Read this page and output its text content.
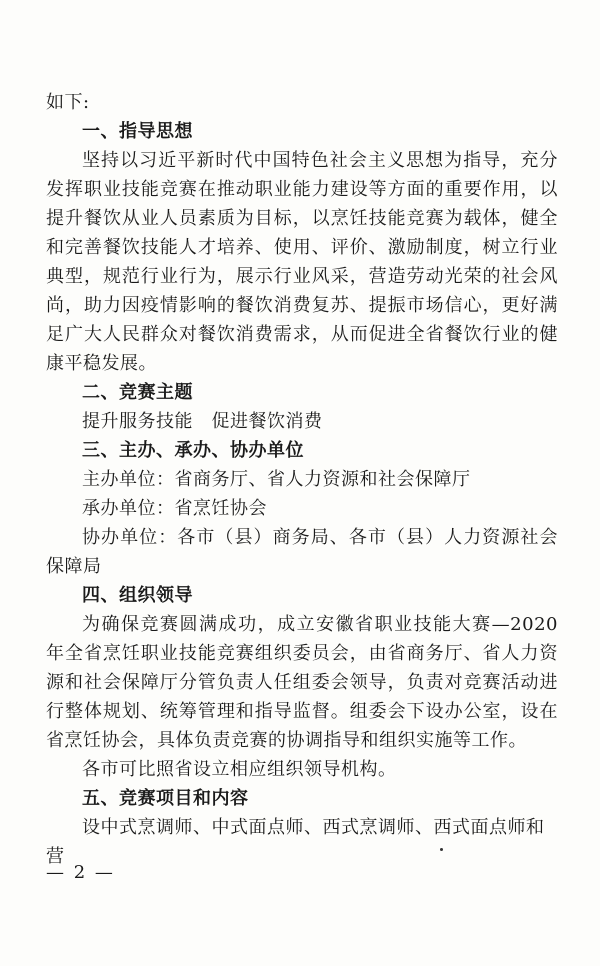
如下:

一、指导思想

坚持以习近平新时代中国特色社会主义思想为指导，充分发挥职业技能竞赛在推动职业能力建设等方面的重要作用，以提升餐饮从业人员素质为目标，以烹饪技能竞赛为载体，健全和完善餐饮技能人才培养、使用、评价、激励制度，树立行业典型，规范行业行为，展示行业风采，营造劳动光荣的社会风尚，助力因疫情影响的餐饮消费复苏、提振市场信心，更好满足广大人民群众对餐饮消费需求，从而促进全省餐饮行业的健康平稳发展。

二、竞赛主题

提升服务技能　促进餐饮消费

三、主办、承办、协办单位

主办单位：省商务厅、省人力资源和社会保障厅

承办单位：省烹饪协会

协办单位：各市（县）商务局、各市（县）人力资源社会保障局

四、组织领导

为确保竞赛圆满成功，成立安徽省职业技能大赛—2020 年全省烹饪职业技能竞赛组织委员会，由省商务厅、省人力资源和社会保障厅分管负责人任组委会领导，负责对竞赛活动进行整体规划、统筹管理和指导监督。组委会下设办公室，设在省烹饪协会，具体负责竞赛的协调指导和组织实施等工作。

各市可比照省设立相应组织领导机构。

五、竞赛项目和内容

设中式烹调师、中式面点师、西式烹调师、西式面点师和营

— 2 —
